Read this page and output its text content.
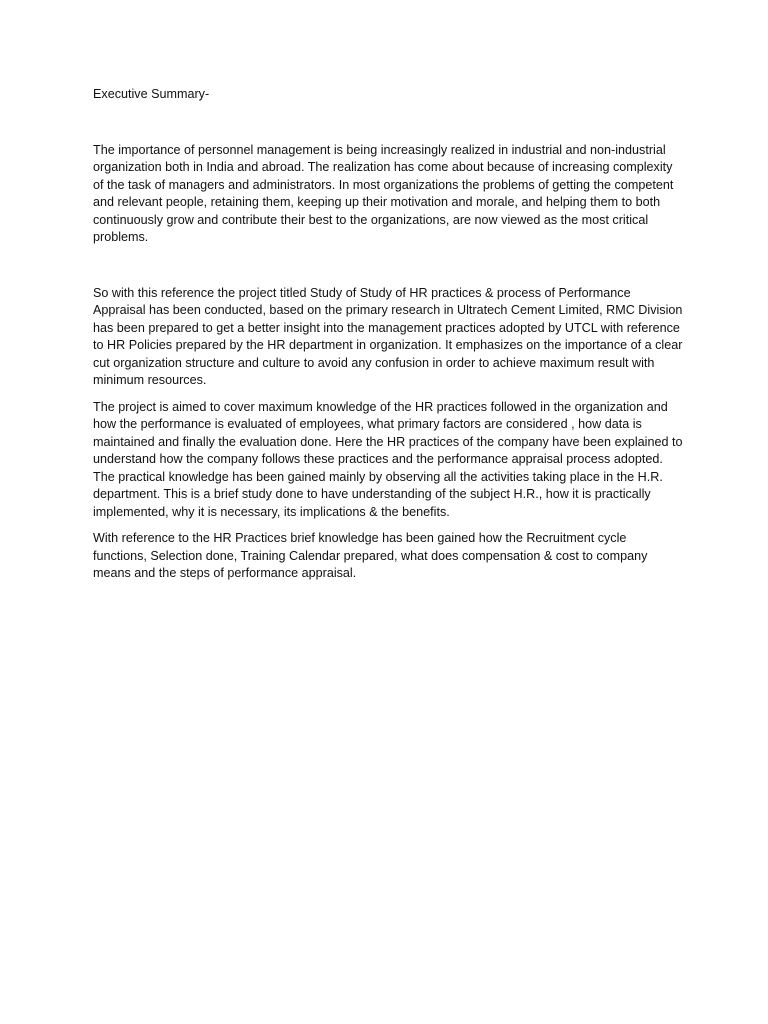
Executive Summary-

The importance of personnel management is being increasingly realized in industrial and non-industrial organization both in India and abroad. The realization has come about because of increasing complexity of the task of managers and administrators. In most organizations the problems of getting the competent and relevant people, retaining them, keeping up their motivation and morale, and helping them to both continuously grow and contribute their best to the organizations, are now viewed as the most critical problems.

So with this reference the project titled Study of Study of HR practices & process of Performance Appraisal has been conducted, based on the primary research in Ultratech Cement Limited, RMC Division has been prepared to get a better insight into the management practices adopted by UTCL with reference to HR Policies prepared by the HR department in organization. It emphasizes on the importance of a clear cut organization structure and culture to avoid any confusion in order to achieve maximum result with minimum resources.

The project is aimed to cover maximum knowledge of the HR practices followed in the organization and how the performance is evaluated of employees, what primary factors are considered , how data is maintained and finally the evaluation done. Here the HR practices of the company have been explained to understand how the company follows these practices and the performance appraisal process adopted. The practical knowledge has been gained mainly by observing all the activities taking place in the H.R. department. This is a brief study done to have understanding of the subject H.R., how it is practically implemented, why it is necessary, its implications & the benefits.

With reference to the HR Practices brief knowledge has been gained how the Recruitment cycle functions, Selection done, Training Calendar prepared, what does compensation & cost to company means and the steps of performance appraisal.
